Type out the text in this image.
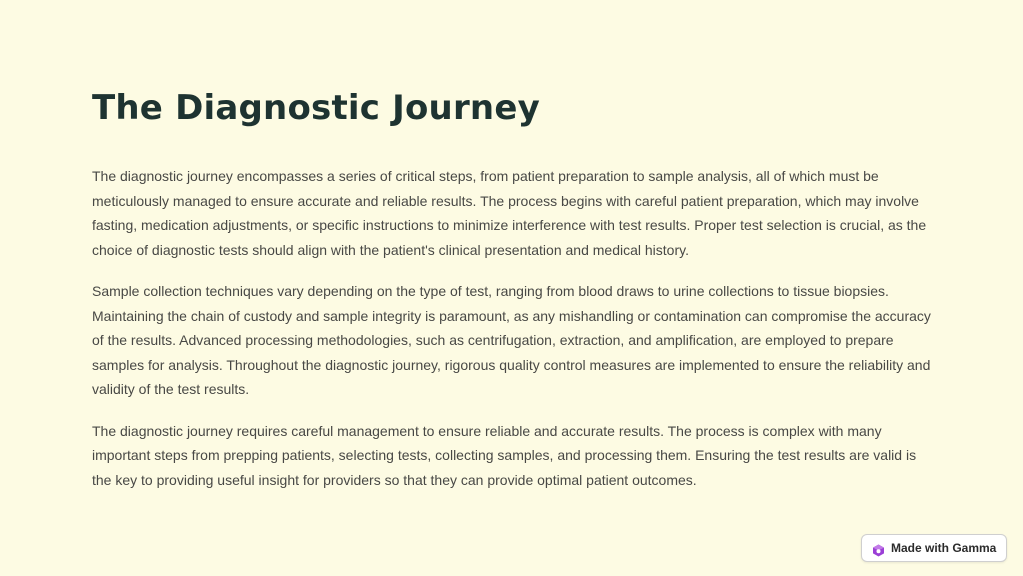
The Diagnostic Journey

The diagnostic journey encompasses a series of critical steps, from patient preparation to sample analysis, all of which must be meticulously managed to ensure accurate and reliable results. The process begins with careful patient preparation, which may involve fasting, medication adjustments, or specific instructions to minimize interference with test results. Proper test selection is crucial, as the choice of diagnostic tests should align with the patient's clinical presentation and medical history.

Sample collection techniques vary depending on the type of test, ranging from blood draws to urine collections to tissue biopsies. Maintaining the chain of custody and sample integrity is paramount, as any mishandling or contamination can compromise the accuracy of the results. Advanced processing methodologies, such as centrifugation, extraction, and amplification, are employed to prepare samples for analysis. Throughout the diagnostic journey, rigorous quality control measures are implemented to ensure the reliability and validity of the test results.

The diagnostic journey requires careful management to ensure reliable and accurate results. The process is complex with many important steps from prepping patients, selecting tests, collecting samples, and processing them. Ensuring the test results are valid is the key to providing useful insight for providers so that they can provide optimal patient outcomes.

Made with Gamma
